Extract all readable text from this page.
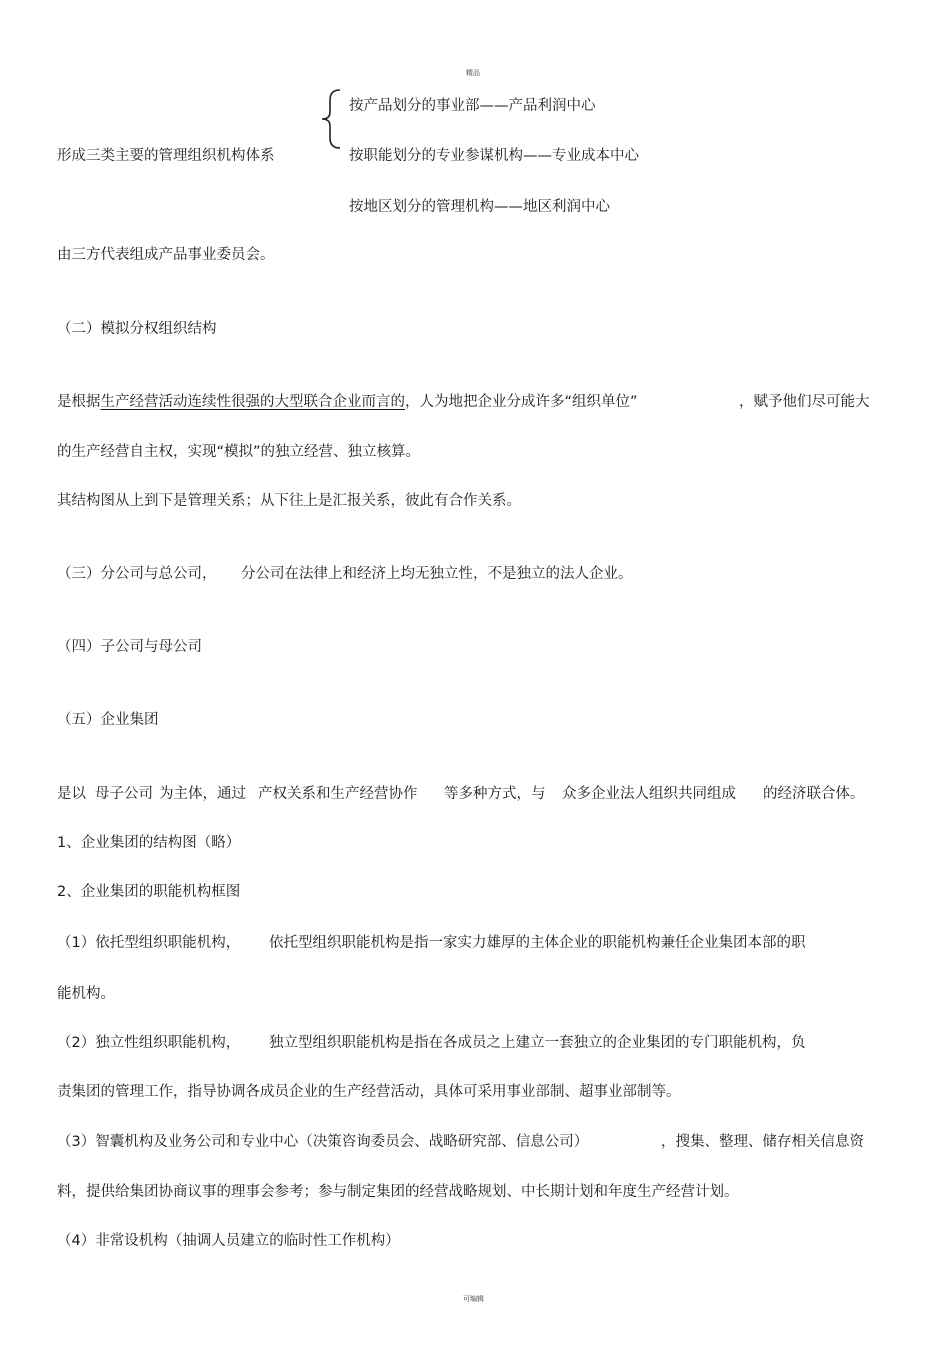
精品
按产品划分的事业部——产品利润中心
形成三类主要的管理组织机构体系	按职能划分的专业参谋机构——专业成本中心
按地区划分的管理机构——地区利润中心
由三方代表组成产品事业委员会。
（二）模拟分权组织结构
是根据生产经营活动连续性很强的大型联合企业而言的，人为地把企业分成许多“组织单位”	，赋予他们尽可能大
的生产经营自主权，实现“模拟”的独立经营、独立核算。
其结构图从上到下是管理关系；从下往上是汇报关系，彼此有合作关系。
（三）分公司与总公司， 分公司在法律上和经济上均无独立性，不是独立的法人企业。
（四）子公司与母公司
（五）企业集团
是以 母子公司 为主体，通过 产权关系和生产经营协作 等多种方式，与 众多企业法人组织共同组成 的经济联合体。
1、企业集团的结构图（略）
2、企业集团的职能机构框图
（1）依托型组织职能机构， 依托型组织职能机构是指一家实力雄厚的主体企业的职能机构兼任企业集团本部的职
能机构。
（2）独立性组织职能机构， 独立型组织职能机构是指在各成员之上建立一套独立的企业集团的专门职能机构，负
责集团的管理工作，指导协调各成员企业的生产经营活动，具体可采用事业部制、超事业部制等。
（3）智囊机构及业务公司和专业中心（决策咨询委员会、战略研究部、信息公司）	，搜集、整理、储存相关信息资
料，提供给集团协商议事的理事会参考；参与制定集团的经营战略规划、中长期计划和年度生产经营计划。
（4）非常设机构（抽调人员建立的临时性工作机构）
可编辑
